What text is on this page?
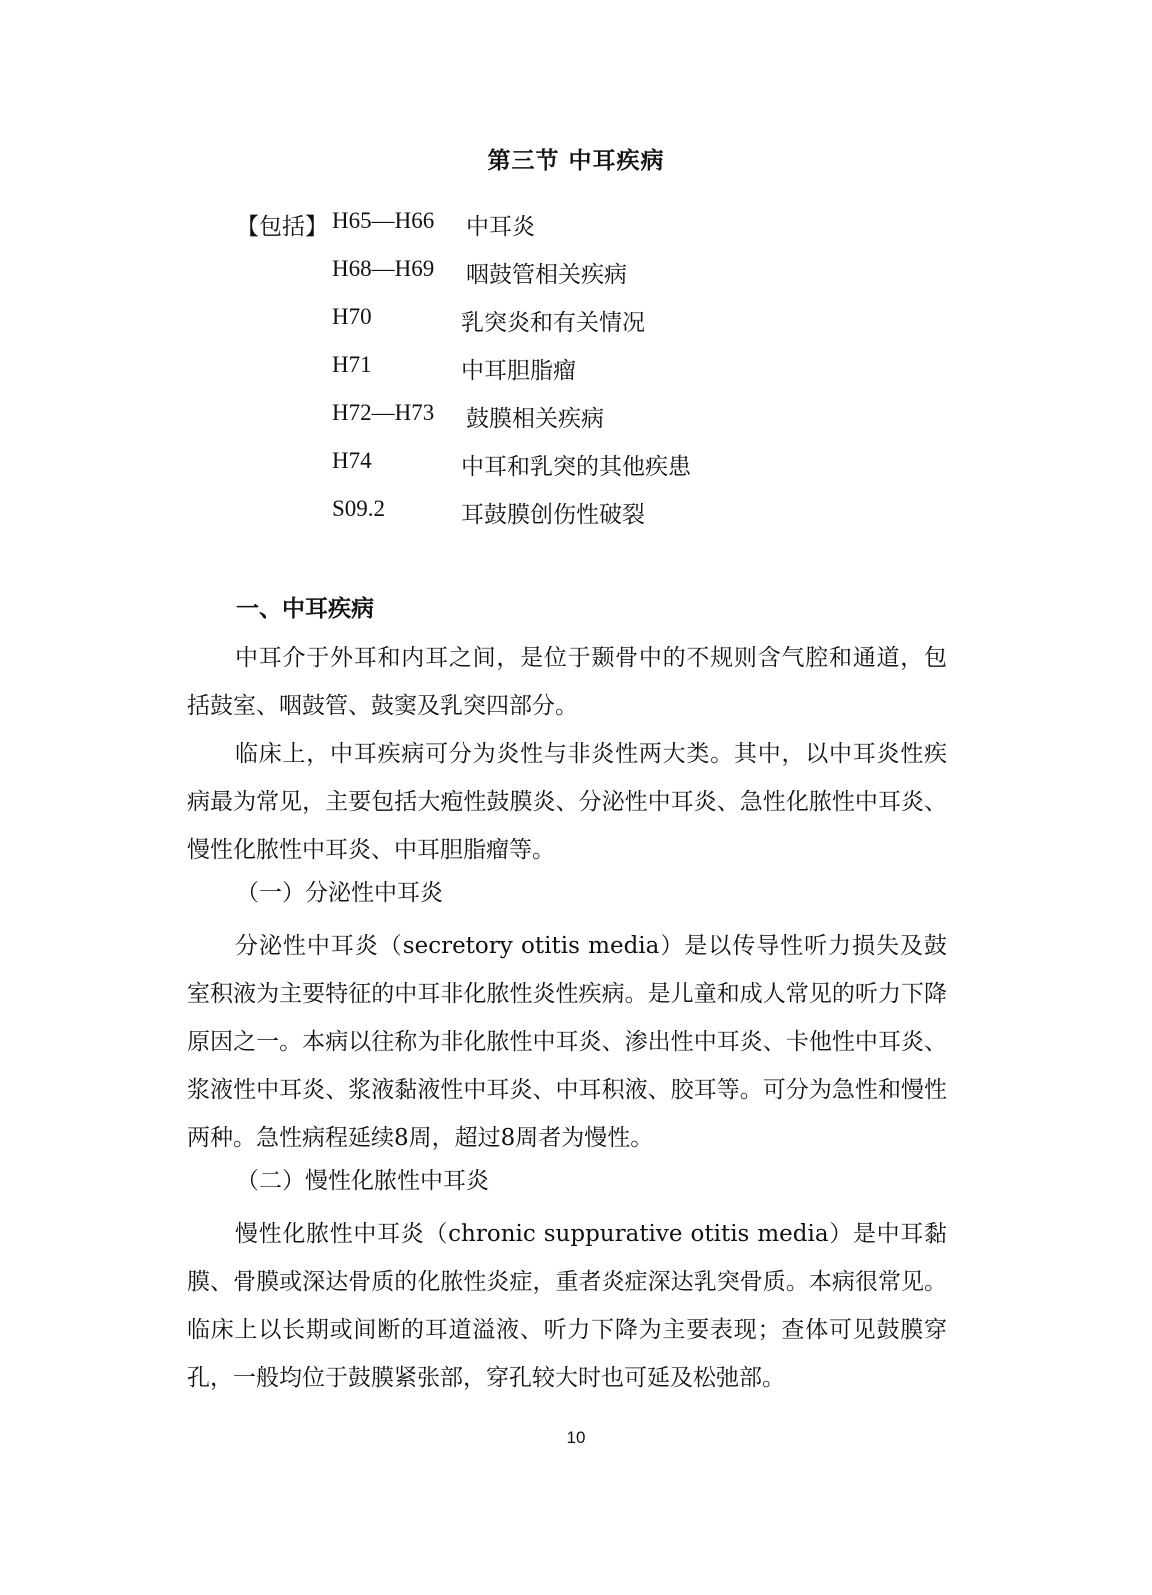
第三节 中耳疾病
【包括】 H65—H66 中耳炎
H68—H69 咽鼓管相关疾病
H70	乳突炎和有关情况
H71	中耳胆脂瘤
H72—H73 鼓膜相关疾病
H74	中耳和乳突的其他疾患
S09.2	耳鼓膜创伤性破裂
一、中耳疾病
中耳介于外耳和内耳之间，是位于颞骨中的不规则含气腔和通道，包括鼓室、咽鼓管、鼓窦及乳突四部分。
临床上，中耳疾病可分为炎性与非炎性两大类。其中，以中耳炎性疾病最为常见，主要包括大疱性鼓膜炎、分泌性中耳炎、急性化脓性中耳炎、慢性化脓性中耳炎、中耳胆脂瘤等。
（一）分泌性中耳炎
分泌性中耳炎（secretory otitis media）是以传导性听力损失及鼓室积液为主要特征的中耳非化脓性炎性疾病。是儿童和成人常见的听力下降原因之一。本病以往称为非化脓性中耳炎、渗出性中耳炎、卡他性中耳炎、浆液性中耳炎、浆液黏液性中耳炎、中耳积液、胶耳等。可分为急性和慢性两种。急性病程延续8周，超过8周者为慢性。
（二）慢性化脓性中耳炎
慢性化脓性中耳炎（chronic suppurative otitis media）是中耳黏膜、骨膜或深达骨质的化脓性炎症，重者炎症深达乳突骨质。本病很常见。临床上以长期或间断的耳道溢液、听力下降为主要表现；查体可见鼓膜穿孔，一般均位于鼓膜紧张部，穿孔较大时也可延及松弛部。
10
